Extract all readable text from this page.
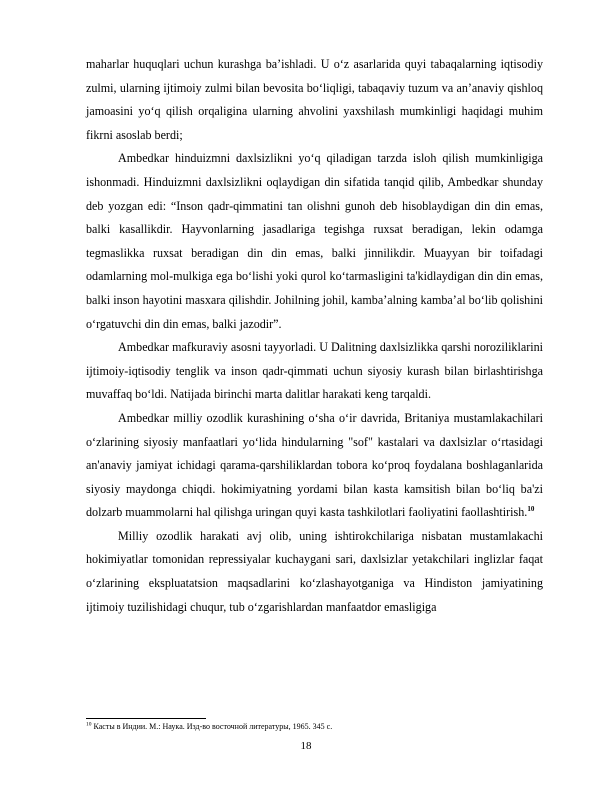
maharlar huquqlari uchun kurashga ba’ishladi. U o‘z asarlarida quyi tabaqalarning iqtisodiy zulmi, ularning ijtimoiy zulmi bilan bevosita bo‘liqligi, tabaqaviy tuzum va an’anaviy qishloq jamoasini yo‘q qilish orqaligina ularning ahvolini yaxshilash mumkinligi haqidagi muhim fikrni asoslab berdi;

Ambedkar hinduizmni daxlsizlikni yo‘q qiladigan tarzda isloh qilish mumkinligiga ishonmadi. Hinduizmni daxlsizlikni oqlaydigan din sifatida tanqid qilib, Ambedkar shunday deb yozgan edi: “Inson qadr-qimmatini tan olishni gunoh deb hisoblaydigan din din emas, balki kasallikdir. Hayvonlarning jasadlariga tegishga ruxsat beradigan, lekin odamga tegmaslikka ruxsat beradigan din din emas, balki jinnilikdir. Muayyan bir toifadagi odamlarning mol-mulkiga ega bo‘lishi yoki qurol ko‘tarmasligini ta'kidlaydigan din din emas, balki inson hayotini masxara qilishdir. Johilning johil, kamba’alning kamba’al bo‘lib qolishini o‘rgatuvchi din din emas, balki jazodir”.

Ambedkar mafkuraviy asosni tayyorladi. U Dalitning daxlsizlikka qarshi noroziliklarini ijtimoiy-iqtisodiy tenglik va inson qadr-qimmati uchun siyosiy kurash bilan birlashtirishga muvaffaq bo‘ldi. Natijada birinchi marta dalitlar harakati keng tarqaldi.

Ambedkar milliy ozodlik kurashining o‘sha o‘ir davrida, Britaniya mustamlakachilari o‘zlarining siyosiy manfaatlari yo‘lida hindularning "sof" kastalari va daxlsizlar o‘rtasidagi an'anaviy jamiyat ichidagi qarama-qarshiliklardan tobora ko‘proq foydalana boshlaganlarida siyosiy maydonga chiqdi. hokimiyatning yordami bilan kasta kamsitish bilan bo‘liq ba'zi dolzarb muammolarni hal qilishga uringan quyi kasta tashkilotlari faoliyatini faollashtirish.$^{10}$

Milliy ozodlik harakati avj olib, uning ishtirokchilariga nisbatan mustamlakachi hokimiyatlar tomonidan repressiyalar kuchaygani sari, daxlsizlar yetakchilari inglizlar faqat o‘zlarining ekspluatatsion maqsadlarini ko‘zlashayotganiga va Hindiston jamiyatining ijtimoiy tuzilishidagi chuqur, tub o‘zgarishlardan manfaatdor emasligiga

$^{10}$ Касты в Индии. М.: Наука. Изд-во восточной литературы, 1965. 345 с.
18
